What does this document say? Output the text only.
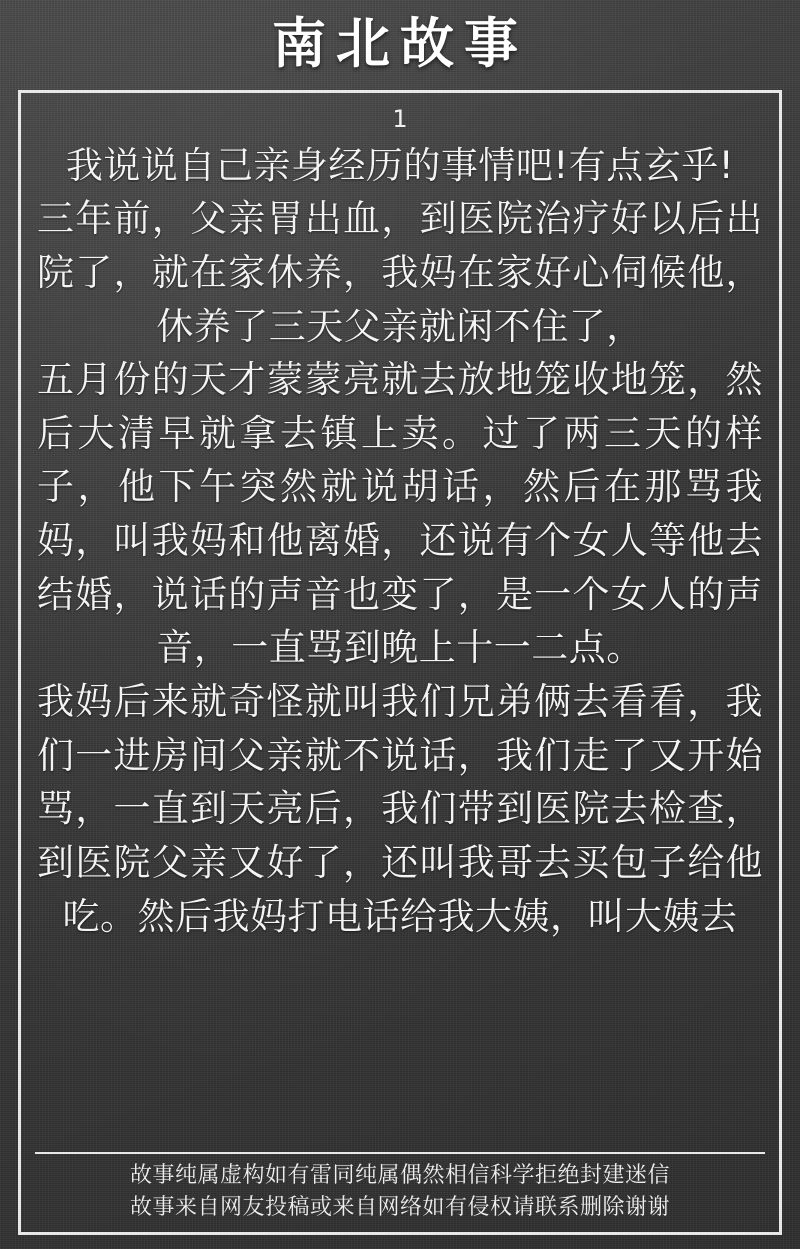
南北故事
1

我说说自己亲身经历的事情吧!有点玄乎!

三年前，父亲胃出血，到医院治疗好以后出院了，就在家休养，我妈在家好心伺候他，休养了三天父亲就闲不住了，

五月份的天才蒙蒙亮就去放地笼收地笼，然后大清早就拿去镇上卖。过了两三天的样子，他下午突然就说胡话，然后在那骂我妈，叫我妈和他离婚，还说有个女人等他去结婚，说话的声音也变了，是一个女人的声音，一直骂到晚上十一二点。

我妈后来就奇怪就叫我们兄弟俩去看看，我们一进房间父亲就不说话，我们走了又开始骂，一直到天亮后，我们带到医院去检查，到医院父亲又好了，还叫我哥去买包子给他吃。然后我妈打电话给我大姨，叫大姨去

故事纯属虚构如有雷同纯属偶然相信科学拒绝封建迷信
故事来自网友投稿或来自网络如有侵权请联系删除谢谢
